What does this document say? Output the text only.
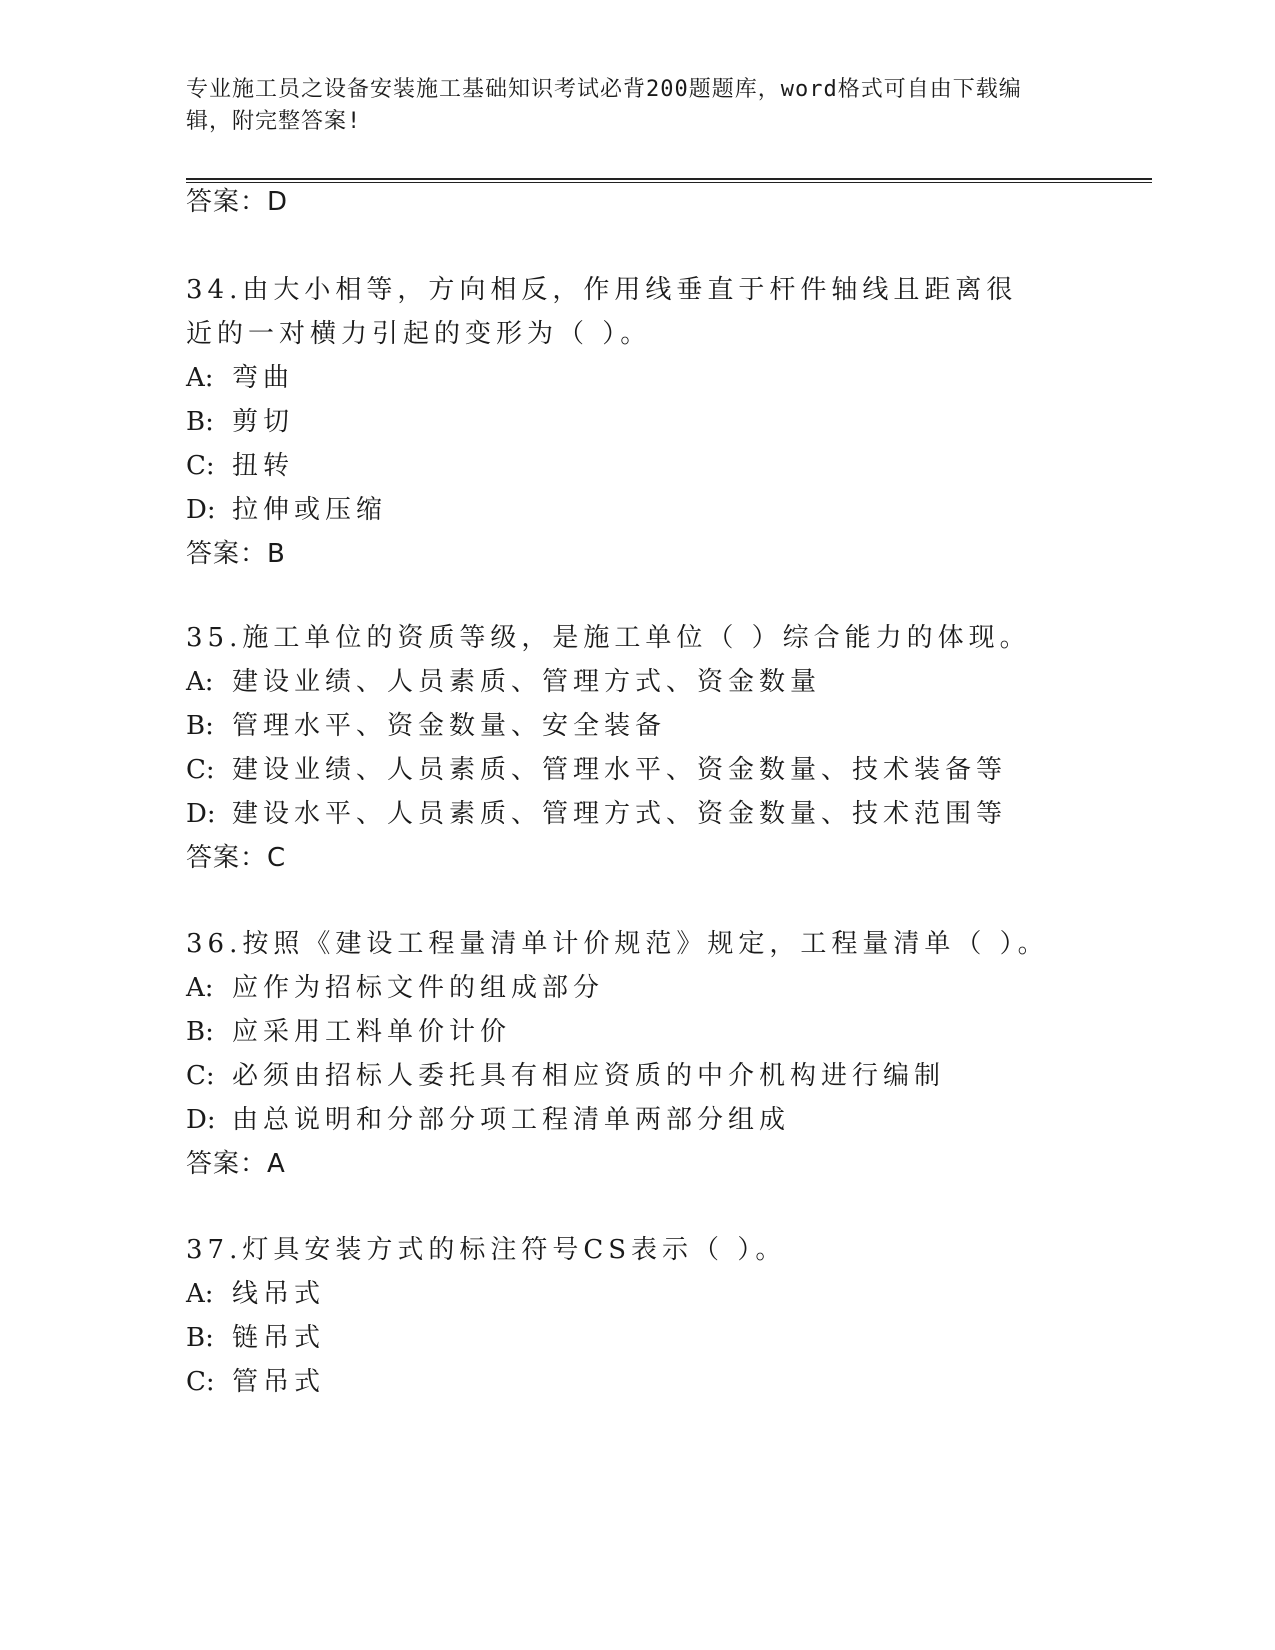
专业施工员之设备安装施工基础知识考试必背200题题库，word格式可自由下载编辑，附完整答案!
答案：D

34.由大小相等，方向相反，作用线垂直于杆件轴线且距离很近的一对横力引起的变形为（ ）。

A: 弯曲

B: 剪切

C: 扭转

D: 拉伸或压缩

答案：B

35.施工单位的资质等级，是施工单位（ ）综合能力的体现。

A: 建设业绩、人员素质、管理方式、资金数量

B: 管理水平、资金数量、安全装备

C: 建设业绩、人员素质、管理水平、资金数量、技术装备等

D: 建设水平、人员素质、管理方式、资金数量、技术范围等

答案：C

36.按照《建设工程量清单计价规范》规定，工程量清单（ ）。

A: 应作为招标文件的组成部分

B: 应采用工料单价计价

C: 必须由招标人委托具有相应资质的中介机构进行编制

D: 由总说明和分部分项工程清单两部分组成

答案：A

37.灯具安装方式的标注符号CS表示（ ）。

A: 线吊式

B: 链吊式

C: 管吊式
